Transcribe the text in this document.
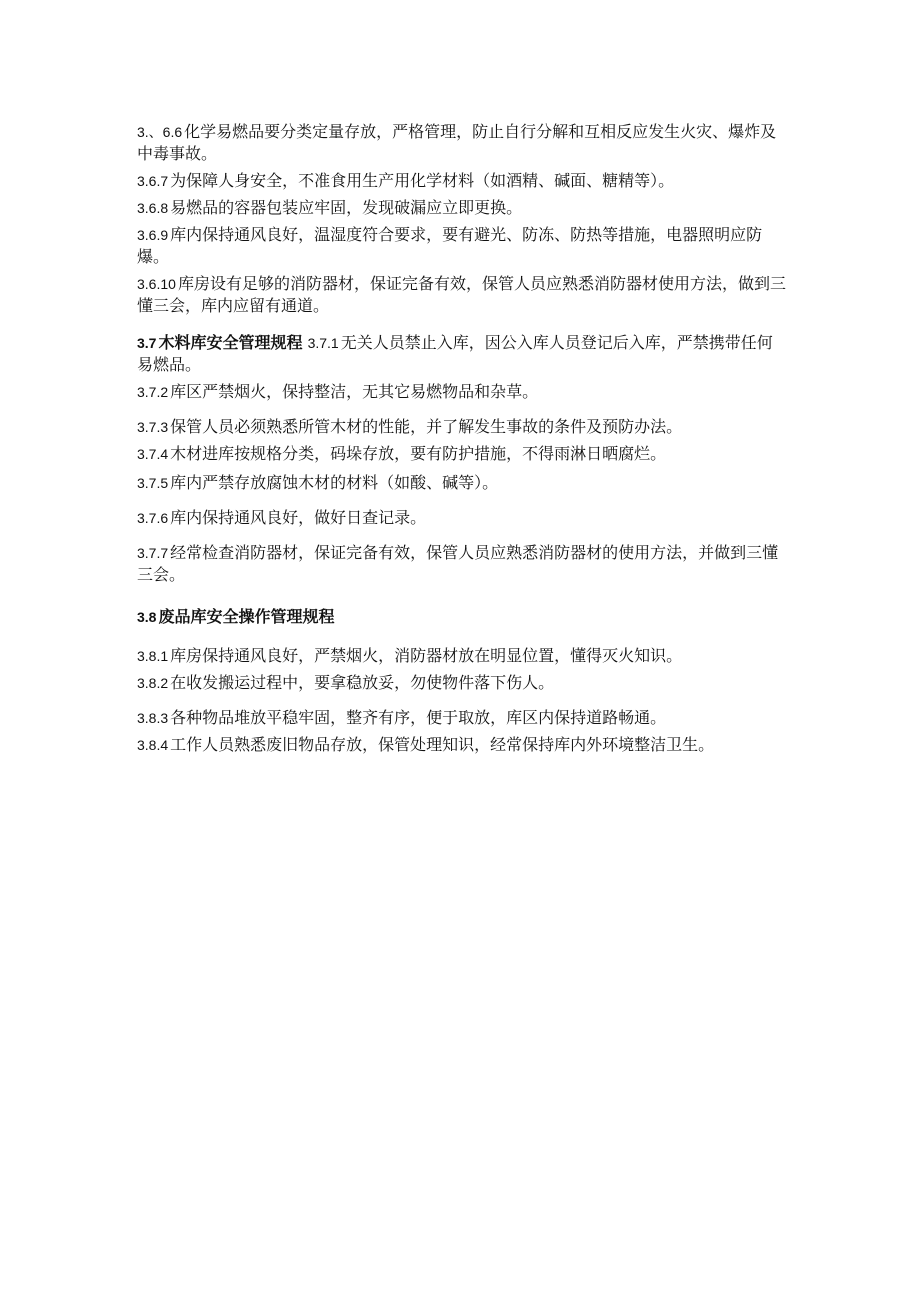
3.、6.6 化学易燃品要分类定量存放，严格管理，防止自行分解和互相反应发生火灾、爆炸及中毒事故。

3.6.7 为保障人身安全，不准食用生产用化学材料（如酒精、碱面、糖精等）。

3.6.8 易燃品的容器包装应牢固，发现破漏应立即更换。

3.6.9 库内保持通风良好，温湿度符合要求，要有避光、防冻、防热等措施，电器照明应防爆。

3.6.10 库房设有足够的消防器材，保证完备有效，保管人员应熟悉消防器材使用方法，做到三懂三会，库内应留有通道。

3.7 木料库安全管理规程 3.7.1 无关人员禁止入库，因公入库人员登记后入库，严禁携带任何易燃品。

3.7.2 库区严禁烟火，保持整洁，无其它易燃物品和杂草。

3.7.3 保管人员必须熟悉所管木材的性能，并了解发生事故的条件及预防办法。

3.7.4 木材进库按规格分类，码垛存放，要有防护措施，不得雨淋日晒腐烂。

3.7.5 库内严禁存放腐蚀木材的材料（如酸、碱等）。

3.7.6 库内保持通风良好，做好日查记录。

3.7.7 经常检查消防器材，保证完备有效，保管人员应熟悉消防器材的使用方法，并做到三懂三会。

3.8 废品库安全操作管理规程

3.8.1 库房保持通风良好，严禁烟火，消防器材放在明显位置，懂得灭火知识。

3.8.2 在收发搬运过程中，要拿稳放妥，勿使物件落下伤人。

3.8.3 各种物品堆放平稳牢固，整齐有序，便于取放，库区内保持道路畅通。

3.8.4 工作人员熟悉废旧物品存放，保管处理知识，经常保持库内外环境整洁卫生。
